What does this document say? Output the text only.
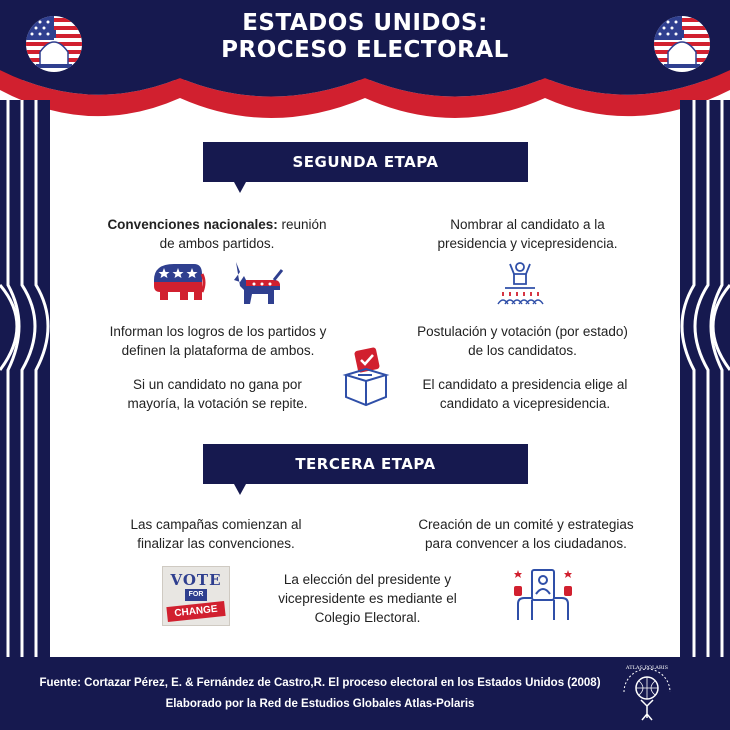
ESTADOS UNIDOS:
PROCESO ELECTORAL
SEGUNDA ETAPA
Convenciones nacionales: reunión
de ambos partidos.
Nombrar al candidato a la
presidencia y vicepresidencia.
Informan los logros de los partidos y
definen la plataforma de ambos.
Postulación y votación (por estado)
de los candidatos.
Si un candidato no gana por
mayoría, la votación se repite.
El candidato a presidencia elige al
candidato a vicepresidencia.
TERCERA ETAPA
Las campañas comienzan al
finalizar las convenciones.
Creación de un comité y estrategias
para convencer a los ciudadanos.
VOTE
FOR
CHANGE
La elección del presidente y
vicepresidente es mediante el
Colegio Electoral.
Fuente: Cortazar Pérez, E. & Fernández de Castro,R. El proceso electoral en los Estados Unidos (2008)
Elaborado por la Red de Estudios Globales Atlas-Polaris
ATLAS POLARIS
